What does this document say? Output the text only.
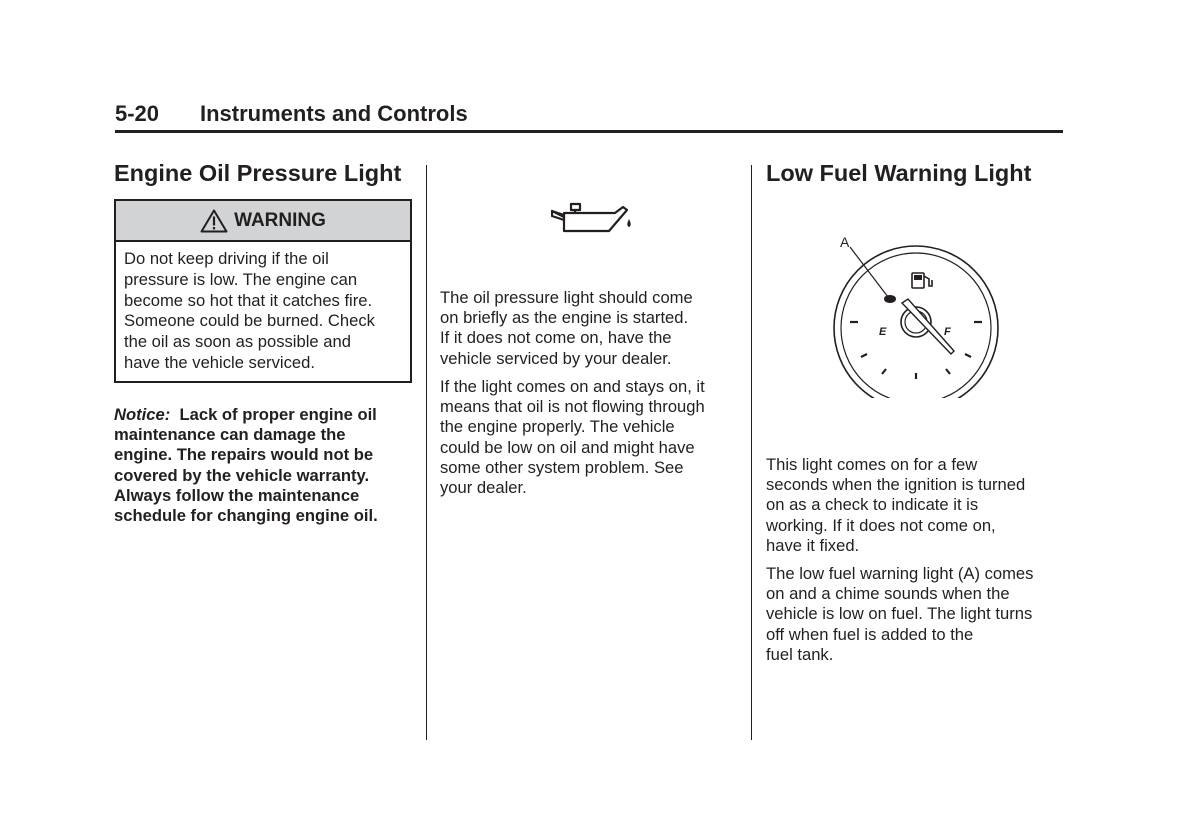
5-20 Instruments and Controls
Engine Oil Pressure Light
WARNING
Do not keep driving if the oil
pressure is low. The engine can
become so hot that it catches fire.
Someone could be burned. Check
the oil as soon as possible and
have the vehicle serviced.
Notice: Lack of proper engine oil
maintenance can damage the
engine. The repairs would not be
covered by the vehicle warranty.
Always follow the maintenance
schedule for changing engine oil.
The oil pressure light should come
on briefly as the engine is started.
If it does not come on, have the
vehicle serviced by your dealer.
If the light comes on and stays on, it
means that oil is not flowing through
the engine properly. The vehicle
could be low on oil and might have
some other system problem. See
your dealer.
Low Fuel Warning Light
A
E	F
This light comes on for a few
seconds when the ignition is turned
on as a check to indicate it is
working. If it does not come on,
have it fixed.
The low fuel warning light (A) comes
on and a chime sounds when the
vehicle is low on fuel. The light turns
off when fuel is added to the
fuel tank.
